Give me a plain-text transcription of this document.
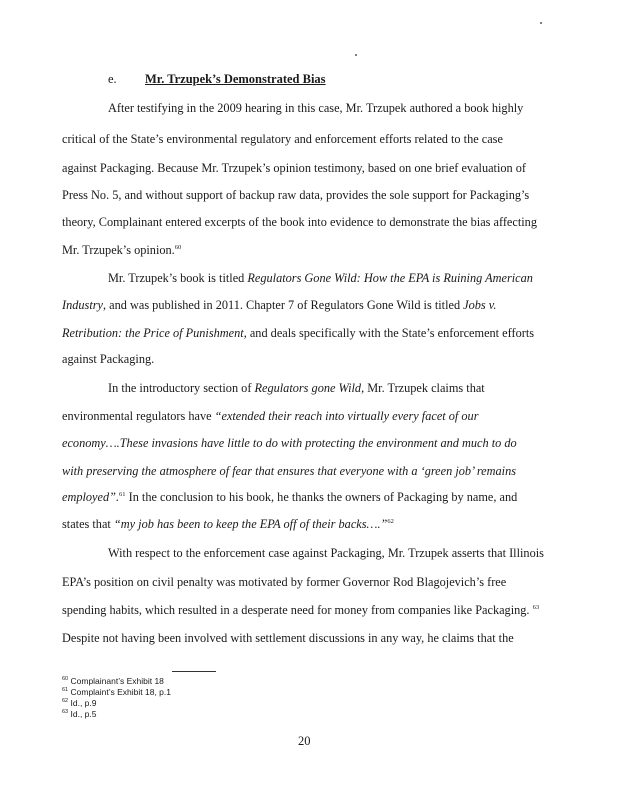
e. Mr. Trzupek’s Demonstrated Bias
After testifying in the 2009 hearing in this case, Mr. Trzupek authored a book highly
critical of the State’s environmental regulatory and enforcement efforts related to the case
against Packaging. Because Mr. Trzupek’s opinion testimony, based on one brief evaluation of
Press No. 5, and without support of backup raw data, provides the sole support for Packaging’s
theory, Complainant entered excerpts of the book into evidence to demonstrate the bias affecting
Mr. Trzupek’s opinion.$^{60}$
Mr. Trzupek’s book is titled Regulators Gone Wild: How the EPA is Ruining American
Industry, and was published in 2011. Chapter 7 of Regulators Gone Wild is titled Jobs v.
Retribution: the Price of Punishment, and deals specifically with the State’s enforcement efforts
against Packaging.
In the introductory section of Regulators gone Wild, Mr. Trzupek claims that
environmental regulators have “extended their reach into virtually every facet of our
economy….These invasions have little to do with protecting the environment and much to do
with preserving the atmosphere of fear that ensures that everyone with a ‘green job’ remains
employed”.$^{61}$ In the conclusion to his book, he thanks the owners of Packaging by name, and
states that “my job has been to keep the EPA off of their backs….”$^{62}$
With respect to the enforcement case against Packaging, Mr. Trzupek asserts that Illinois
EPA’s position on civil penalty was motivated by former Governor Rod Blagojevich’s free
spending habits, which resulted in a desperate need for money from companies like Packaging. $^{63}$
Despite not having been involved with settlement discussions in any way, he claims that the
$^{60}$ Complainant’s Exhibit 18
$^{61}$ Complaint’s Exhibit 18, p.1
$^{62}$ Id., p.9
$^{63}$ Id., p.5
20
